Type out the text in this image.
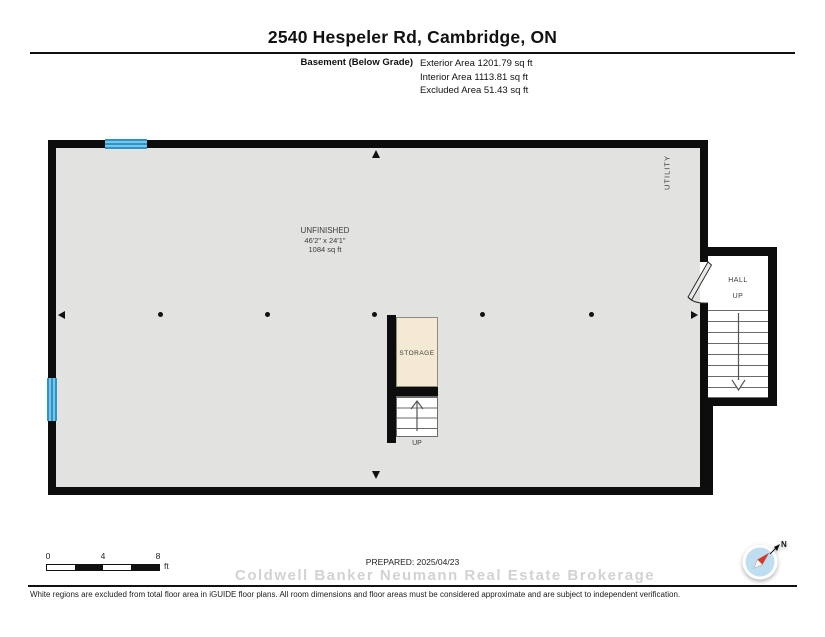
2540 Hespeler Rd, Cambridge, ON
Basement (Below Grade) Exterior Area 1201.79 sq ft
Interior Area 1113.81 sq ft
Excluded Area 51.43 sq ft
HALL
UP
STORAGE
UP
UNFINISHED
46'2" x 24'1"
1084 sq ft
UTILITY
0	4	8
ft	PREPARED: 2025/04/23
N
Coldwell Banker Neumann Real Estate Brokerage
White regions are excluded from total floor area in iGUIDE floor plans. All room dimensions and floor areas must be considered approximate and are subject to independent verification.
